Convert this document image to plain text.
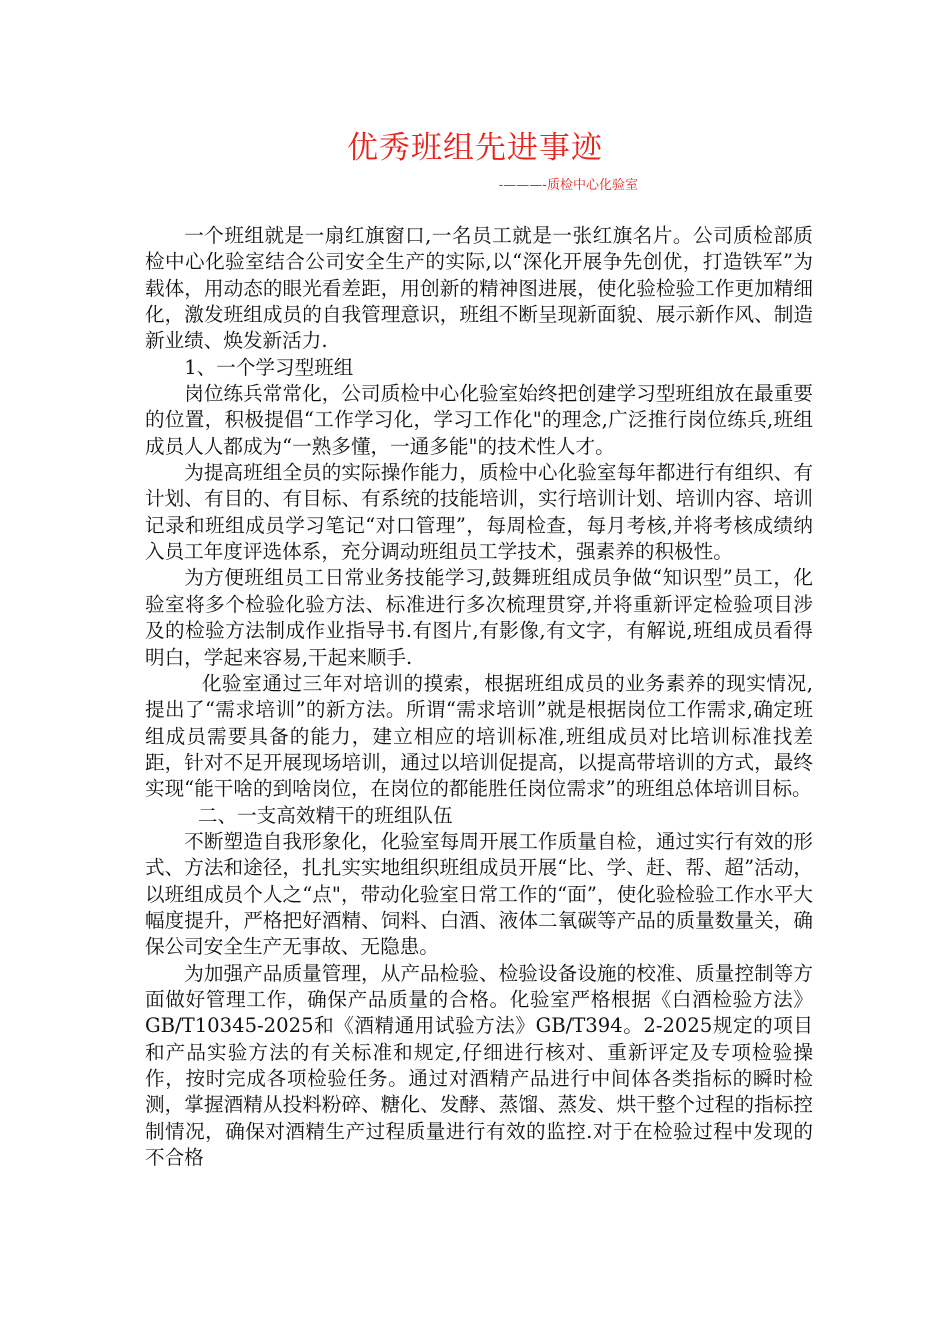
优秀班组先进事迹
-———-质检中心化验室

一个班组就是一扇红旗窗口,一名员工就是一张红旗名片。公司质检部质检中心化验室结合公司安全生产的实际,以“深化开展争先创优，打造铁军”为载体，用动态的眼光看差距，用创新的精神图进展，使化验检验工作更加精细化，激发班组成员的自我管理意识，班组不断呈现新面貌、展示新作风、制造新业绩、焕发新活力.

1、一个学习型班组

岗位练兵常常化，公司质检中心化验室始终把创建学习型班组放在最重要的位置，积极提倡“工作学习化，学习工作化"的理念,广泛推行岗位练兵,班组成员人人都成为“一熟多懂，一通多能"的技术性人才。

为提高班组全员的实际操作能力，质检中心化验室每年都进行有组织、有计划、有目的、有目标、有系统的技能培训，实行培训计划、培训内容、培训记录和班组成员学习笔记“对口管理”，每周检查，每月考核,并将考核成绩纳入员工年度评选体系，充分调动班组员工学技术，强素养的积极性。

为方便班组员工日常业务技能学习,鼓舞班组成员争做“知识型”员工，化验室将多个检验化验方法、标准进行多次梳理贯穿,并将重新评定检验项目涉及的检验方法制成作业指导书.有图片,有影像,有文字，有解说,班组成员看得明白，学起来容易,干起来顺手.

化验室通过三年对培训的摸索，根据班组成员的业务素养的现实情况,提出了“需求培训”的新方法。所谓“需求培训”就是根据岗位工作需求,确定班组成员需要具备的能力，建立相应的培训标准,班组成员对比培训标准找差距，针对不足开展现场培训，通过以培训促提高，以提高带培训的方式，最终实现“能干啥的到啥岗位，在岗位的都能胜任岗位需求”的班组总体培训目标。

二、一支高效精干的班组队伍

不断塑造自我形象化，化验室每周开展工作质量自检，通过实行有效的形式、方法和途径，扎扎实实地组织班组成员开展“比、学、赶、帮、超”活动，以班组成员个人之“点"，带动化验室日常工作的“面”，使化验检验工作水平大幅度提升，严格把好酒精、饲料、白酒、液体二氧碳等产品的质量数量关，确保公司安全生产无事故、无隐患。

为加强产品质量管理，从产品检验、检验设备设施的校准、质量控制等方面做好管理工作，确保产品质量的合格。化验室严格根据《白酒检验方法》GB/T10345-2025和《酒精通用试验方法》GB/T394。2-2025规定的项目和产品实验方法的有关标准和规定,仔细进行核对、重新评定及专项检验操作，按时完成各项检验任务。通过对酒精产品进行中间体各类指标的瞬时检测，掌握酒精从投料粉碎、糖化、发酵、蒸馏、蒸发、烘干整个过程的指标控制情况，确保对酒精生产过程质量进行有效的监控.对于在检验过程中发现的不合格
